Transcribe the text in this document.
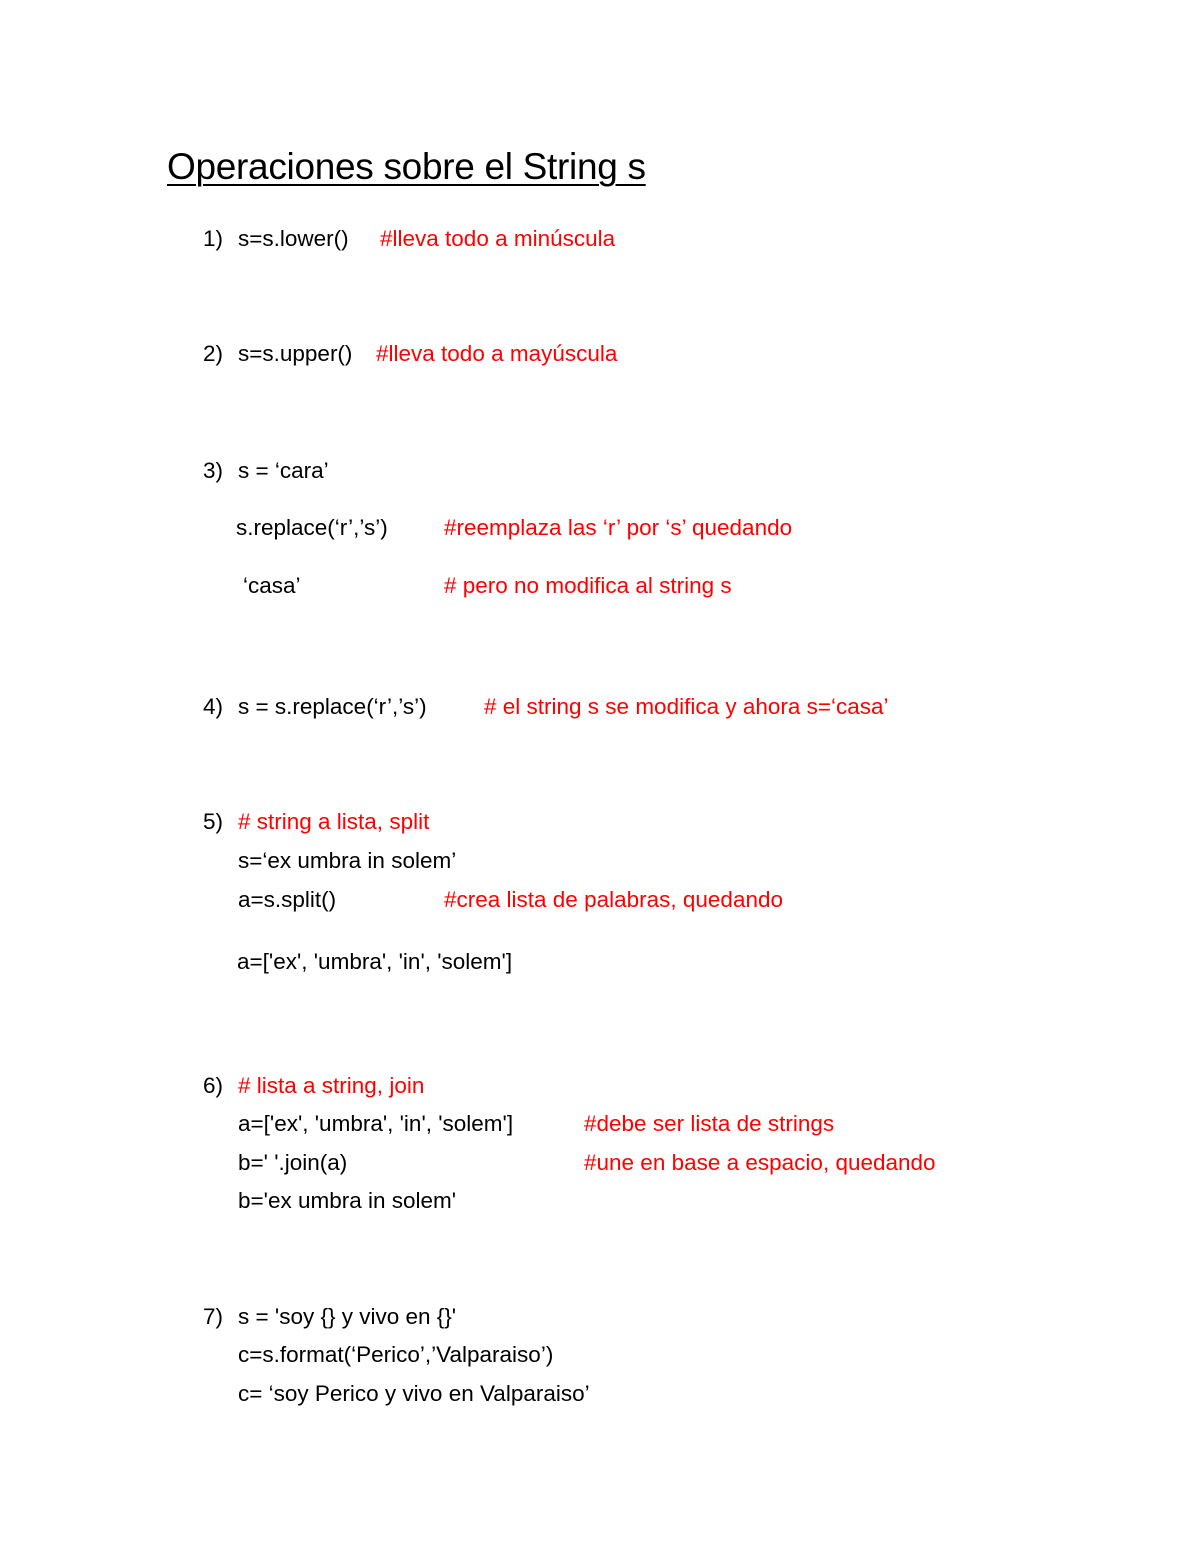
Operaciones sobre el String s
1) s=s.lower() #lleva todo a minúscula
2) s=s.upper() #lleva todo a mayúscula
3) s = ‘cara’
s.replace(‘r’,’s’)	#reemplaza las ‘r’ por ‘s’ quedando
‘casa’	# pero no modifica al string s
4) s = s.replace(‘r’,’s’)	# el string s se modifica y ahora s=‘casa’
5) # string a lista, split
s=‘ex umbra in solem’
a=s.split()	#crea lista de palabras, quedando
a=['ex', 'umbra', 'in', 'solem']
6) # lista a string, join
a=['ex', 'umbra', 'in', 'solem']	#debe ser lista de strings
b=' '.join(a)	#une en base a espacio, quedando
b='ex umbra in solem'
7) s = 'soy {} y vivo en {}'
c=s.format(‘Perico’,’Valparaiso’)
c= ‘soy Perico y vivo en Valparaiso’
